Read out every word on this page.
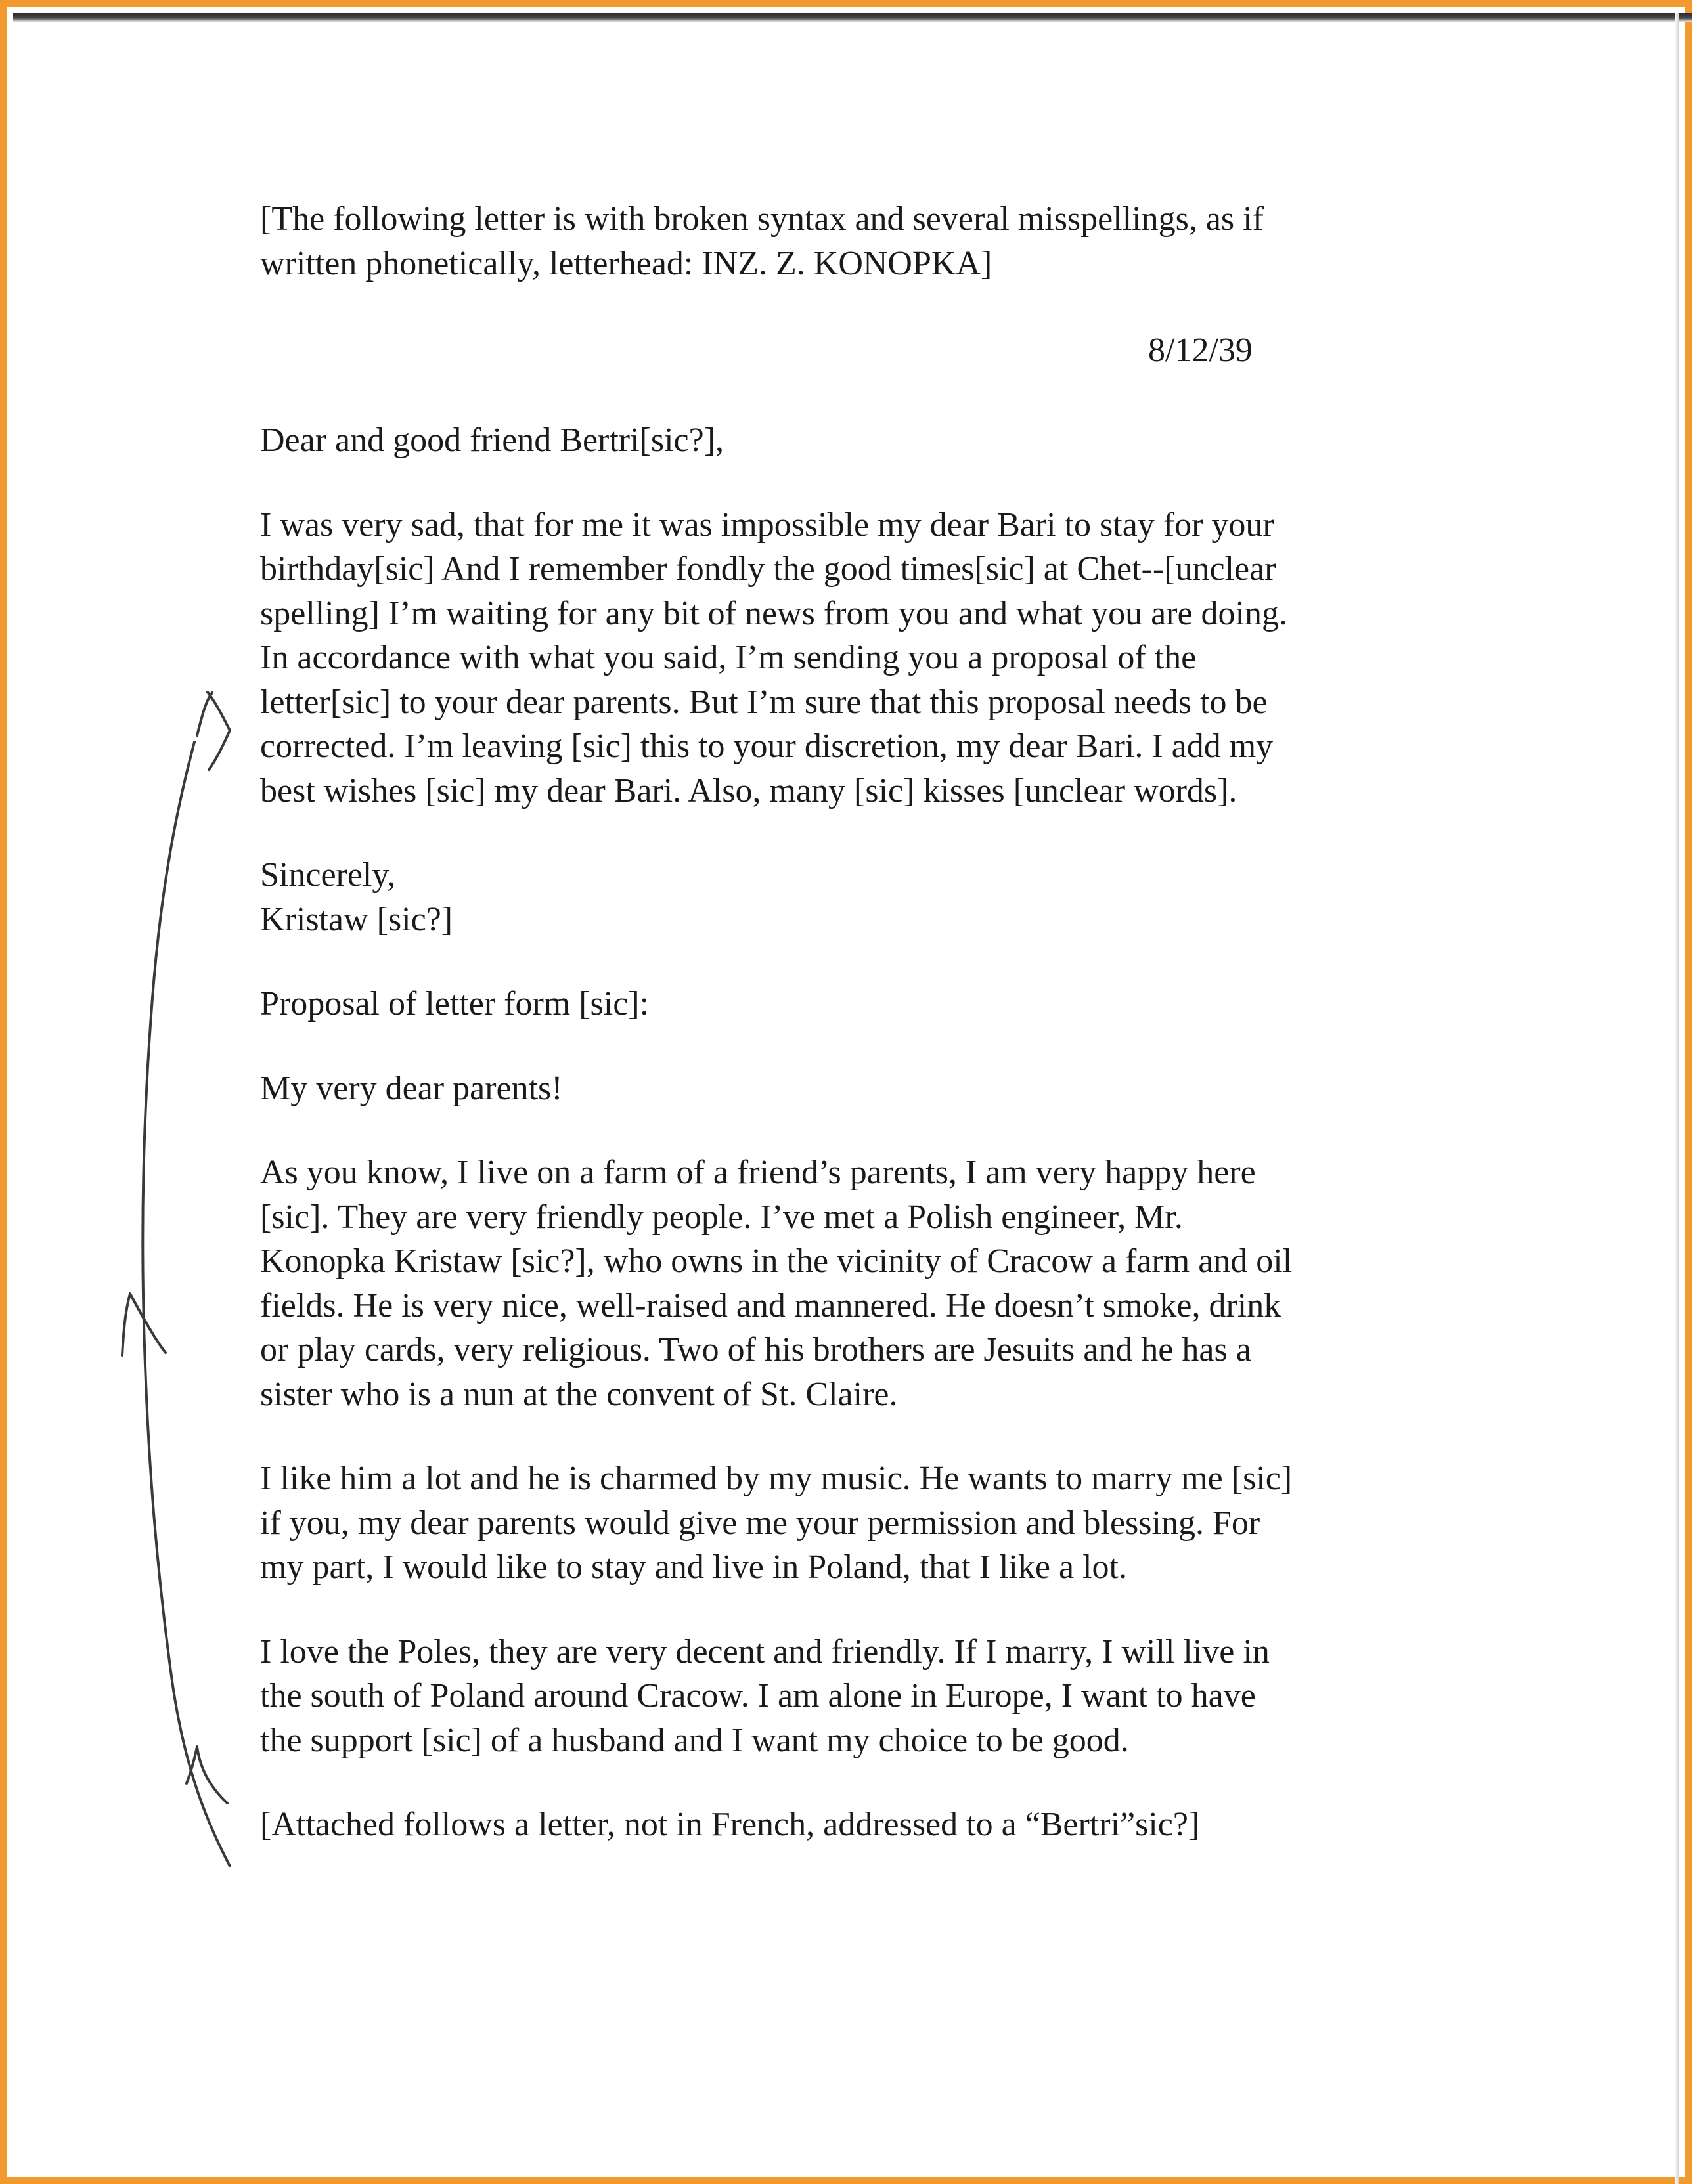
8/12/39

[The following letter is with broken syntax and several misspellings, as if
written phonetically, letterhead: INZ. Z. KONOPKA]

Dear and good friend Bertri[sic?],

I was very sad, that for me it was impossible my dear Bari to stay for your
birthday[sic] And I remember fondly the good times[sic] at Chet--[unclear
spelling] I’m waiting for any bit of news from you and what you are doing.
In accordance with what you said, I’m sending you a proposal of the
letter[sic] to your dear parents. But I’m sure that this proposal needs to be
corrected. I’m leaving [sic] this to your discretion, my dear Bari. I add my
best wishes [sic] my dear Bari. Also, many [sic] kisses [unclear words].

Sincerely,
Kristaw [sic?]

Proposal of letter form [sic]:

My very dear parents!

As you know, I live on a farm of a friend’s parents, I am very happy here
[sic]. They are very friendly people. I’ve met a Polish engineer, Mr.
Konopka Kristaw [sic?], who owns in the vicinity of Cracow a farm and oil
fields. He is very nice, well-raised and mannered. He doesn’t smoke, drink
or play cards, very religious. Two of his brothers are Jesuits and he has a
sister who is a nun at the convent of St. Claire.

I like him a lot and he is charmed by my music. He wants to marry me [sic]
if you, my dear parents would give me your permission and blessing. For
my part, I would like to stay and live in Poland, that I like a lot.

I love the Poles, they are very decent and friendly. If I marry, I will live in
the south of Poland around Cracow. I am alone in Europe, I want to have
the support [sic] of a husband and I want my choice to be good.

[Attached follows a letter, not in French, addressed to a “Bertri”sic?]
